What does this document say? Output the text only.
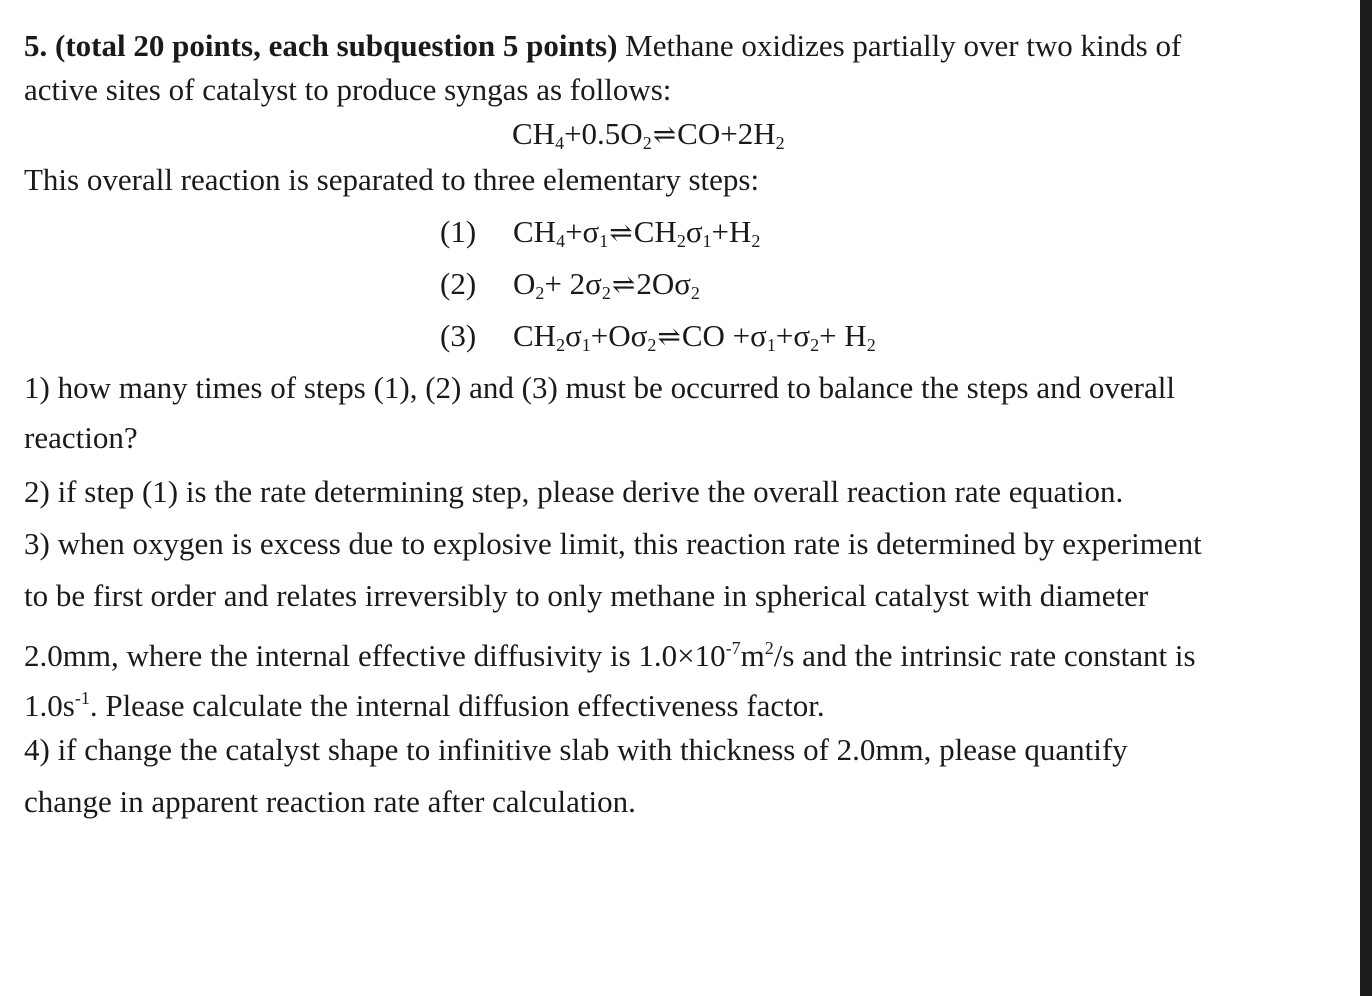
5. (total 20 points, each subquestion 5 points) Methane oxidizes partially over two kinds of

active sites of catalyst to produce syngas as follows:

$CH_4+0.5O_2\rightleftharpoons CO+2H_2$

This overall reaction is separated to three elementary steps:

(1) $CH_4+\sigma_1\rightleftharpoons CH_2\sigma_1+H_2$
(2) $O_2+$ $2\sigma_2\rightleftharpoons 2O\sigma_2$
(3) $CH_2\sigma_1+O\sigma_2\rightleftharpoons CO +\sigma_1+\sigma_2+ H_2$

1) how many times of steps (1), (2) and (3) must be occurred to balance the steps and overall

reaction?

2) if step (1) is the rate determining step, please derive the overall reaction rate equation.

3) when oxygen is excess due to explosive limit, this reaction rate is determined by experiment

to be first order and relates irreversibly to only methane in spherical catalyst with diameter

2.0mm, where the internal effective diffusivity is $1.0\times 10^{-7}m^2/s$ and the intrinsic rate constant is

$1.0s^{-1}$. Please calculate the internal diffusion effectiveness factor.

4) if change the catalyst shape to infinitive slab with thickness of 2.0mm, please quantify

change in apparent reaction rate after calculation.
